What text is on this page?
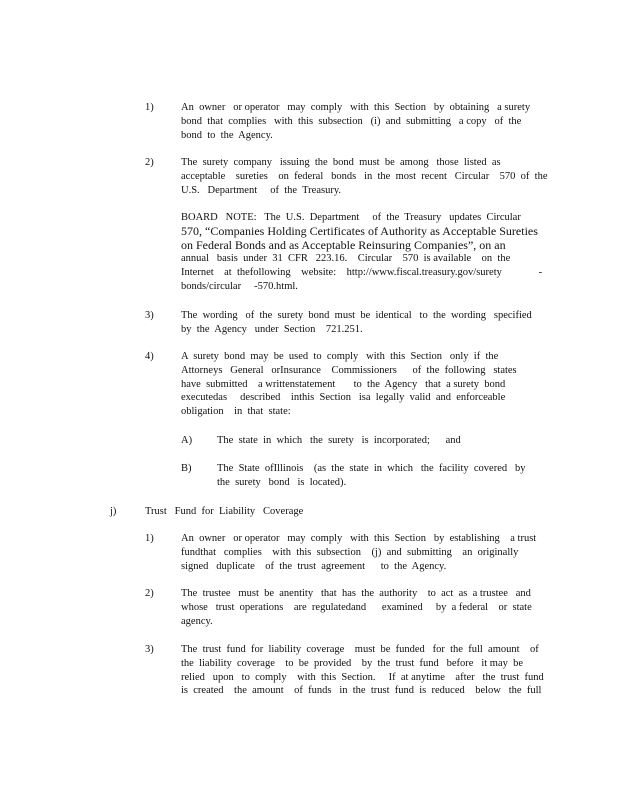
1)	An  owner   or operator   may  comply   with  this  Section   by  obtaining   a surety
bond  that  complies   with  this  subsection   (i)  and  submitting   a copy   of  the
bond  to  the  Agency.
2)	The  surety  company   issuing  the  bond  must  be  among   those  listed  as
acceptable    sureties    on  federal   bonds   in  the  most  recent   Circular    570  of  the
U.S.   Department     of  the  Treasury.
BOARD   NOTE:   The  U.S.  Department     of  the  Treasury   updates  Circular
570, “Companies Holding Certificates of Authority as Acceptable Sureties
on Federal Bonds and as Acceptable Reinsuring Companies”, on an
annual   basis  under  31  CFR   223.16.    Circular    570  is available    on  the
Internet    at  thefollowing    website:    http://www.fiscal.treasury.gov/surety              -
bonds/circular     -570.html.
3)	The  wording   of  the  surety  bond  must  be  identical   to  the  wording   specified
by  the  Agency   under  Section    721.251.
4)	A  surety  bond  may  be  used  to  comply   with  this  Section   only  if  the
Attorneys   General   orInsurance    Commissioners      of  the  following   states
have  submitted    a writtenstatement       to  the  Agency   that  a surety  bond
executedas     described    inthis  Section   isa  legally  valid  and  enforceable
obligation    in  that  state:
A) The  state  in  which   the  surety   is  incorporated;      and
B) The  State  ofIllinois    (as  the  state  in  which   the  facility  covered   by
the  surety   bond   is  located).
j)	Trust   Fund  for  Liability   Coverage
1)	An  owner   or operator   may  comply   with  this  Section   by  establishing    a trust
fundthat   complies    with  this  subsection    (j)  and  submitting    an  originally
signed   duplicate    of  the  trust  agreement      to  the  Agency.
2)	The  trustee   must  be  anentity   that  has  the  authority    to  act  as  a trustee   and
whose   trust  operations    are  regulatedand      examined     by  a federal    or  state
agency.
3)	The  trust  fund  for  liability  coverage    must  be  funded   for  the  full  amount    of
the  liability  coverage    to  be  provided    by  the  trust  fund   before   it may  be
relied   upon   to  comply    with  this  Section.     If  at anytime    after   the  trust  fund
is  created    the  amount    of  funds   in  the  trust  fund  is  reduced    below   the  full
